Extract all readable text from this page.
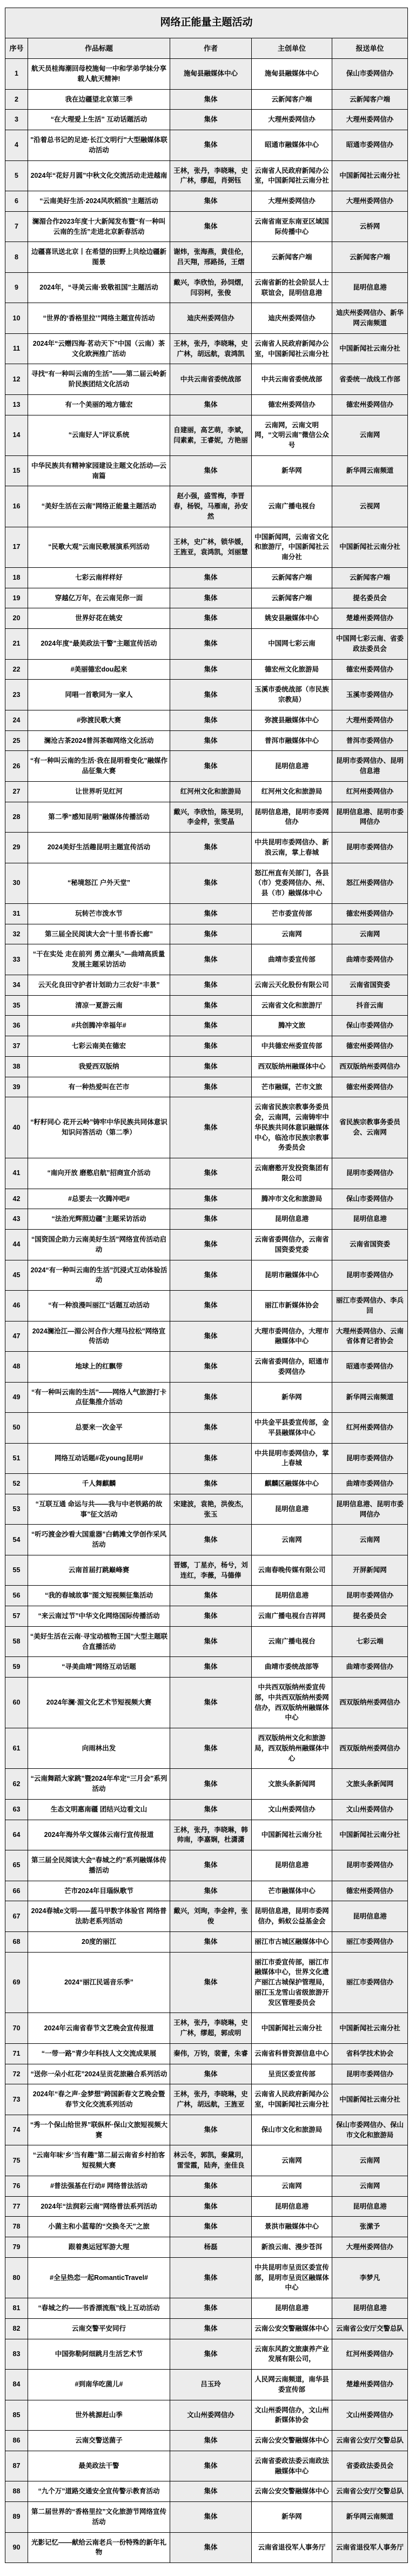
网络正能量主题活动				
序号	作品标题	作者	主创单位	报送单位
1	航天员桂海潮回母校施甸一中和学弟学妹分享载人航天精神!	施甸县融媒体中心	施甸县融媒体中心	保山市委网信办
2	我在边疆望北京第三季	集体	云新闻客户端	云新闻客户端
3	“在大理爱上生活” 互动话题活动	集体	大理州委网信办	大理州委网信办
4	"沿着总书记的足迹·长江文明行"大型融媒体联动活动	集体	昭通市融媒体中心	昭通市委网信办
5	2024年“花好月圆”中秋文化交流活动走进越南	王林，张丹，李晓琳，史广林，缪超，肖弼钰	云南省人民政府新闻办公室，中国新闻社云南分社	中国新闻社云南分社
6	“云南美好生活·2024风吹稻浪”主题活动	集体	大理州委网信办	大理州委网信办
7	澜湄合作2023年度十大新闻发布暨“有一种叫云南的生活”走进北京新春活动	集体	云南省南亚东南亚区域国际传播中心	云桥网
8	边疆喜讯送北京丨在希望的田野上共绘边疆新图景	谢炜，张海燕，黄佳伦，吕天翔，邢路扬，王熠	云新闻客户端	云新闻客户端
9	2024年，“寻美云南·致敬祖国”主题活动	戴兴，李欣怡，孙饲熠，闫羽柯，张俊	云南省新的社会阶层人士联谊会，昆明信息港	昆明信息港
10	“世界的‘香格里拉’”网络主题宣传活动	迪庆州委网信办	迪庆州委网信办	迪庆州委网信办、新华网云南频道
11	2024年“云赠四海·茗动天下”中国（云南）茶文化欧洲推广活动	王林，张丹，李晓琳，史广林，胡远航，袁鸿凯	云南省人民政府新闻办公室，中国新闻社云南分社	中国新闻社云南分社
12	寻找“有一种叫云南的生活”——第二届云岭新阶民族团结文化活动	中共云南省委统战部	中共云南省委统战部	省委统一战线工作部
13	有一个美丽的地方德宏	集体	德宏州委网信办	德宏州委网信办
14	“云南好人”评议系统	自建丽，高艺萌，李斌，闫素素，王睿妮，方艳丽	云南网，云南文明网，“文明云南”微信公众号	云南网
15	中华民族共有精神家园建设主题文化活动—云南篇	集体	新华网	新华网云南频道
16	“美好生活在云南”网络正能量主题活动	赵小强，盛雪梅，李晋春，杨锐，马雁南，孙安然	云南广播电视台	云视网
17	“民歌大观”云南民歌展演系列活动	王林，史广林，锁华媛，王旌亚，袁鸿凯，刘丽慧	中国新闻网，云南省文化和旅游厅，中国新闻社云南分社	中国新闻社云南分社
18	七彩云南样样好	集体	云新闻客户端	云新闻客户端
19	穿越亿万年，在云南见你一面	集体	云新闻客户端	提名委员会
20	世界好花在姚安	集体	姚安县融媒体中心	楚雄州委网信办
21	2024年度“最美政法干警”主题宣传活动	集体	中国网七彩云南	中国网七彩云南、省委政法委员会
22	#美丽德宏dou起来	集体	德宏州文化旅游局	德宏州委网信办
23	同唱一首歌同为一家人	集体	玉溪市委统战部（市民族宗教局）	玉溪市委网信办
24	#弥渡民歌大赛	集体	弥渡县融媒体中心	大理州委网信办
25	澜沧古茶2024普洱茶咖网络文化活动	集体	普洱市融媒体中心	普洱市委网信办
26	“有一种叫云南的生活·我在昆明看变化”融媒作品征集大赛	集体	昆明信息港	昆明市委网信办、昆明信息港
27	让世界听见红河	红河州文化和旅游局	红河州文化和旅游局	红河州委网信办
28	第二季“感知昆明”融媒体传播活动	戴兴，李欣怡，陈旻玥，李金梓，张雯晶	昆明信息港，昆明市委网信办	昆明信息港、昆明市委网信办
29	2024美好生活趣昆明主题宣传活动	集体	中共昆明市委网信办、新浪云南，掌上春城	昆明市委网信办
30	“秘境怒江 户外天堂”	集体	怒江州直有关部门，各县（市）党委网信办、州、县（市）融媒体中心	怒江州委网信办
31	玩转芒市泼水节	集体	芒市委宣传部	德宏州委网信办
32	第三届全民阅读大会“十里书香长廊”	集体	云南网	云南网
33	“干在实处 走在前列 勇立潮头”—曲靖高质量发展主题采访活动	集体	曲靖市委宣传部	曲靖市委网信办
34	云天化良田守护者计划助力三农好“丰景”	集体	云南云天化股份有限公司	云南省国资委
35	清凉一夏游云南	集体	云南省文化和旅游厅	抖音云南
36	#共创腾冲幸福年#	集体	腾冲文旅	保山市委网信办
37	七彩云南美在德宏	集体	中共德宏州委宣传部	德宏州委网信办
38	我爱西双版纳	集体	西双版纳州融媒体中心	西双版纳州委网信办
39	有一种热爱叫在芒市	集体	芒市融媒，芒市文旅	德宏州委网信办
40	“籽籽同心 花开云岭”铸牢中华民族共同体意识知识问答活动（第二季）	集体	云南省民族宗教事务委员会，云南网，云南铸牢中华民族共同体意识融媒体中心，临沧市民族宗教事务委员会	省民族宗教事务委员会、云南网
41	“南向开放 磨憨启航”招商宣介活动	集体	云南磨憨开发投资集团有限公司	昆明市委网信办
42	#总要去一次腾冲吧#	集体	腾冲市文化和旅游局	保山市委网信办
43	“法治光辉照边疆”主题采访活动	集体	昆明信息港	昆明信息港
44	“国资国企助力云南美好生活”网络宣传活动启动	集体	云南省委网信办，云南省国资委党委	云南省国资委
45	2024“有一种叫云南的生活”沉浸式互动体验活动	集体	昆明市融媒体中心	昆明市委网信办
46	“有一种浪漫叫丽江”话题互动活动	集体	丽江市新媒体协会	丽江市委网信办、李兵回
47	2024澜沧江—湄公河合作大理马拉松”网络宣传活动	集体	大理市委网信办，大理市融媒体中心	大理州委网信办、云南省体育记者协会
48	地球上的红飘带	集体	云南省委网信办，昭通市委网信办	昭通市委网信办
49	“有一种叫云南的生活”——网络人气旅游打卡点征集推介活动	集体	新华网	新华网云南频道
50	总要来一次金平	集体	中共金平县委宣传部，金平县融媒体中心	红河州委网信办
51	网络互动话题#花young昆明#	集体	中共昆明市委网信办，掌上春城	昆明市委网信办
52	千人舞麒麟	集体	麒麟区融媒体中心	曲靖市委网信办
53	“互联互通 命运与共——我与中老铁路的故事”征文活动	宋建波，袁艳，洪俊杰，张玉	昆明信息港	昆明信息港、昆明市委网信办
54	“听巧渡金沙看大国重器”白鹤滩文学创作采风活动	集体	云南网	云南网
55	云南首届打跳巅峰赛	晋娜，丁星亦，杨兮，刘连红，李薇，马德俸	云南春晚传媒有限公司	开屏新闻网
56	“我的春城故事”图文短视频征集活动	集体	昆明信息港	昆明市委网信办
57	“来云南过节”中华文化网络国际传播活动	集体	云南广播电视台吉祥网	提名委员会
58	“美好生活在云南·寻宝动植物王国”大型主题联合直播活动	集体	云南广播电视台	七彩云端
59	“寻美曲靖”网络互动话题	集体	曲靖市委统战部等	曲靖市委网信办
60	2024年澜·湄文化艺术节短视频大赛	集体	中共西双版纳州委宣传部，中共西双版纳州委网信办，西双版纳州融媒体中心	西双版纳州委网信办
61	向雨林出发	集体	西双版纳州文化和旅游局，西双版纳州融媒体中心	西双版纳州委网信办
62	“云南舞蹈大家跳”暨2024年牟定“三月会”系列活动	集体	文旅头条新闻网	文旅头条新闻网
63	生态文明惠南疆 团结兴边看文山	集体	文山州委网信办	文山州委网信办
64	2024年海外华文媒体云南行宣传报道	王林，张丹，李晓琳，韩帅南，李嘉娴，杜潇潇	中国新闻社云南分社	中国新闻社云南分社
65	第三届全民阅读大会“春城之约”系列融媒体传播活动	集体	昆明信息港	昆明市委网信办
66	芒市2024年目瑙纵歌节	集体	芒市融媒体中心	德宏州委网信办
67	2024春城e文明——蓝马甲数字体验官 网络普法助老系列活动	戴兴，刘珣，李金梓，张俊	昆明信息港，昆明市委网信办，蚂蚁公益基金会	昆明信息港
68	20度的丽江	集体	丽江市古城区融媒体中心	丽江市委网信办
69	2024“丽江民谣音乐季”	集体	丽江市委宣传部，丽江市融媒体中心，世界文化遗产丽江古城保护管理局，丽江玉龙雪山省级旅游开发区管理委员会	丽江市委网信办
70	2024年云南省春节文艺晚会宣传报道	王林，张丹，李晓琳，史广林，缪超，郭成明	中国新闻社云南分社	中国新闻社云南分社
71	“一带一路”青少年科技人文交流成果展	秦伟，万钧，裴蕾，朱睿	云南省科普资源信息中心	省科学技术协会
72	“送你一朵小红花”2024呈贡花旅融合系列活动	集体	呈贡区委宣传部	昆明市委网信办
73	2024年“春之声·金梦想”跨国新春文艺晚会暨春节文化交流系列活动	王林，张丹，李晓琳，史广林，胡远航，王旌亚	云南省人民政府新闻办公室，中国新闻社云南分社	中国新闻社云南分社
74	“秀一个保山给世界”联纵杯·保山文旅短视频大赛	集体	保山市文化和旅游局	保山市委网信办、保山市文化和旅游局
75	“云南年味‘乡’当有趣”第二届云南省乡村拍客短视频大赛	林云冬，郭凯，秦黛玥，雷莹霞，陆奔，奎佳良	云南网	云南网
76	#普法强基在行动# 网络普法活动	集体	云南网	云南网
77	2024年“法润彩云南”网络普法系列活动	集体	昆明信息港	昆明信息港
78	小菌主和小蓝莓的“交换冬天”之旅	集体	景洪市融媒体中心	张潆予
79	跟着奥运冠军游大理	杨磊	新浪云南、漫步苍洱	大理州委网信办
80	#全呈热恋一起RomanticTravel#	集体	中共昆明市呈贡区委宣传部，昆明市呈贡区融媒体中心	李梦凡
81	“春城之约——书香漂流瓶”线上互动活动	集体	昆明信息港	昆明信息港
82	云南交警平安同行	集体	云南公安交警融媒体中心	云南省公安厅交警总队
83	中国弥勒阿细跳月生活艺术节	集体	云南东风韵文旅康养产业发展有限公司，	红河州委网信办
84	#到南华吃菌儿#	吕玉玲	人民网云南频道，南华县委宣传部	楚雄州委网信办
85	世外桃源赶山季	文山州委网信办	文山州委网信办，文山州新媒体协会	文山州委网信办
86	云南交警送菌子	集体	云南公安交警融媒体中心	云南省公安厅交警总队
87	最美政法干警	集体	云南省委政法委云南政法融媒体中心	省委政法委员会
88	“九个万”道路交通安全宣传警示教育活动	集体	云南公安交警融媒体中心	云南省公安厅交警总队
89	第二届世界的“香格里拉”文化旅游节网络宣传活动	集体	新华网	新华网云南频道
90	光影记忆——献给云南老兵一份特殊的新年礼物	集体	云南省退役军人事务厅	云南省退役军人事务厅
